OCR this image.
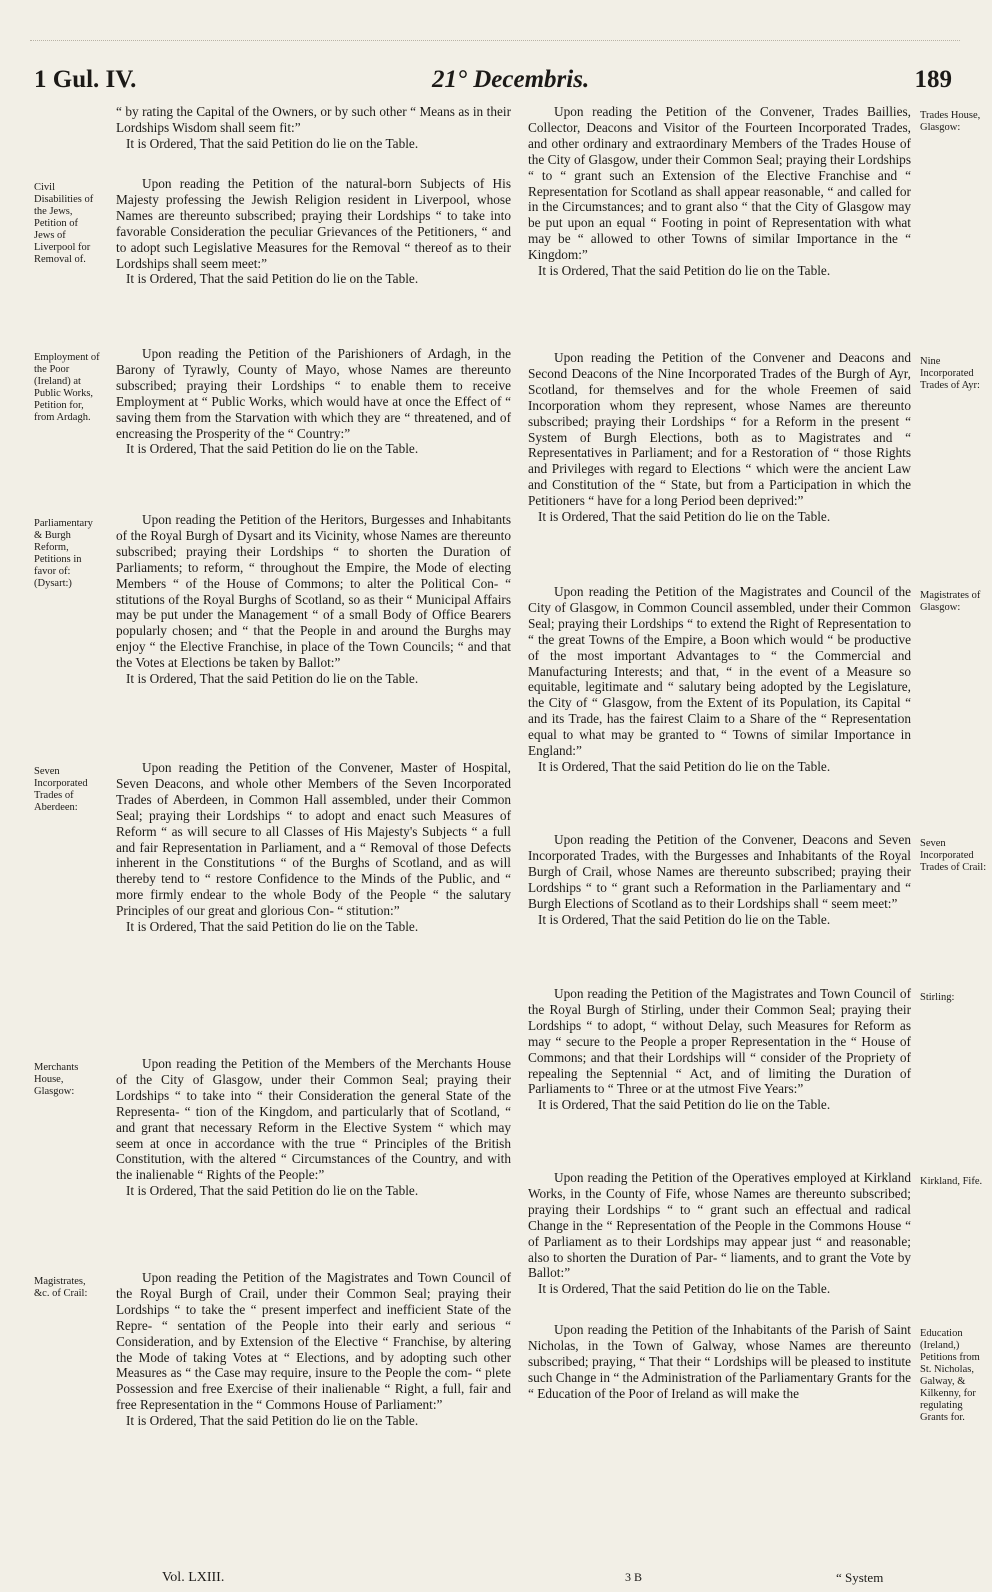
1 Gul. IV.	21° Decembris.	189

“ by rating the Capital of the Owners, or by such other “ Means as in their Lordships Wisdom shall seem fit:”

It is Ordered, That the said Petition do lie on the Table.

Civil Disabilities of the Jews, Petition of Jews of Liverpool for Removal of.

Upon reading the Petition of the natural-born Subjects of His Majesty professing the Jewish Religion resident in Liverpool, whose Names are thereunto subscribed; praying their Lordships “ to take into favorable Consideration the peculiar Grievances of the Petitioners, “ and to adopt such Legislative Measures for the Removal “ thereof as to their Lordships shall seem meet:”

It is Ordered, That the said Petition do lie on the Table.

Employment of the Poor (Ireland) at Public Works, Petition for, from Ardagh.

Upon reading the Petition of the Parishioners of Ardagh, in the Barony of Tyrawly, County of Mayo, whose Names are thereunto subscribed; praying their Lordships “ to enable them to receive Employment at “ Public Works, which would have at once the Effect of “ saving them from the Starvation with which they are “ threatened, and of encreasing the Prosperity of the “ Country:”

It is Ordered, That the said Petition do lie on the Table.

Parliamentary & Burgh Reform, Petitions in favor of: (Dysart:)

Upon reading the Petition of the Heritors, Burgesses and Inhabitants of the Royal Burgh of Dysart and its Vicinity, whose Names are thereunto subscribed; praying their Lordships “ to shorten the Duration of Parliaments; to reform, “ throughout the Empire, the Mode of electing Members “ of the House of Commons; to alter the Political Con- “ stitutions of the Royal Burghs of Scotland, so as their “ Municipal Affairs may be put under the Management “ of a small Body of Office Bearers popularly chosen; and “ that the People in and around the Burghs may enjoy “ the Elective Franchise, in place of the Town Councils; “ and that the Votes at Elections be taken by Ballot:”

It is Ordered, That the said Petition do lie on the Table.

Seven Incorporated Trades of Aberdeen:

Upon reading the Petition of the Convener, Master of Hospital, Seven Deacons, and whole other Members of the Seven Incorporated Trades of Aberdeen, in Common Hall assembled, under their Common Seal; praying their Lordships “ to adopt and enact such Measures of Reform “ as will secure to all Classes of His Majesty's Subjects “ a full and fair Representation in Parliament, and a “ Removal of those Defects inherent in the Constitutions “ of the Burghs of Scotland, and as will thereby tend to “ restore Confidence to the Minds of the Public, and “ more firmly endear to the whole Body of the People “ the salutary Principles of our great and glorious Con- “ stitution:”

It is Ordered, That the said Petition do lie on the Table.

Merchants House, Glasgow:

Upon reading the Petition of the Members of the Merchants House of the City of Glasgow, under their Common Seal; praying their Lordships “ to take into “ their Consideration the general State of the Representa- “ tion of the Kingdom, and particularly that of Scotland, “ and grant that necessary Reform in the Elective System “ which may seem at once in accordance with the true “ Principles of the British Constitution, with the altered “ Circumstances of the Country, and with the inalienable “ Rights of the People:”

It is Ordered, That the said Petition do lie on the Table.

Magistrates, &c. of Crail:

Upon reading the Petition of the Magistrates and Town Council of the Royal Burgh of Crail, under their Common Seal; praying their Lordships “ to take the “ present imperfect and inefficient State of the Repre- “ sentation of the People into their early and serious “ Consideration, and by Extension of the Elective “ Franchise, by altering the Mode of taking Votes at “ Elections, and by adopting such other Measures as “ the Case may require, insure to the People the com- “ plete Possession and free Exercise of their inalienable “ Right, a full, fair and free Representation in the “ Commons House of Parliament:”

It is Ordered, That the said Petition do lie on the Table.

Trades House, Glasgow:

Upon reading the Petition of the Convener, Trades Baillies, Collector, Deacons and Visitor of the Fourteen Incorporated Trades, and other ordinary and extraordinary Members of the Trades House of the City of Glasgow, under their Common Seal; praying their Lordships “ to “ grant such an Extension of the Elective Franchise and “ Representation for Scotland as shall appear reasonable, “ and called for in the Circumstances; and to grant also “ that the City of Glasgow may be put upon an equal “ Footing in point of Representation with what may be “ allowed to other Towns of similar Importance in the “ Kingdom:”

It is Ordered, That the said Petition do lie on the Table.

Nine Incorporated Trades of Ayr:

Upon reading the Petition of the Convener and Deacons and Second Deacons of the Nine Incorporated Trades of the Burgh of Ayr, Scotland, for themselves and for the whole Freemen of said Incorporation whom they represent, whose Names are thereunto subscribed; praying their Lordships “ for a Reform in the present “ System of Burgh Elections, both as to Magistrates and “ Representatives in Parliament; and for a Restoration of “ those Rights and Privileges with regard to Elections “ which were the ancient Law and Constitution of the “ State, but from a Participation in which the Petitioners “ have for a long Period been deprived:”

It is Ordered, That the said Petition do lie on the Table.

Magistrates of Glasgow:

Upon reading the Petition of the Magistrates and Council of the City of Glasgow, in Common Council assembled, under their Common Seal; praying their Lordships “ to extend the Right of Representation to “ the great Towns of the Empire, a Boon which would “ be productive of the most important Advantages to “ the Commercial and Manufacturing Interests; and that, “ in the event of a Measure so equitable, legitimate and “ salutary being adopted by the Legislature, the City of “ Glasgow, from the Extent of its Population, its Capital “ and its Trade, has the fairest Claim to a Share of the “ Representation equal to what may be granted to “ Towns of similar Importance in England:”

It is Ordered, That the said Petition do lie on the Table.

Seven Incorporated Trades of Crail:

Upon reading the Petition of the Convener, Deacons and Seven Incorporated Trades, with the Burgesses and Inhabitants of the Royal Burgh of Crail, whose Names are thereunto subscribed; praying their Lordships “ to “ grant such a Reformation in the Parliamentary and “ Burgh Elections of Scotland as to their Lordships shall “ seem meet:”

It is Ordered, That the said Petition do lie on the Table.

Stirling:

Upon reading the Petition of the Magistrates and Town Council of the Royal Burgh of Stirling, under their Common Seal; praying their Lordships “ to adopt, “ without Delay, such Measures for Reform as may “ secure to the People a proper Representation in the “ House of Commons; and that their Lordships will “ consider of the Propriety of repealing the Septennial “ Act, and of limiting the Duration of Parliaments to “ Three or at the utmost Five Years:”

It is Ordered, That the said Petition do lie on the Table.

Kirkland, Fife.

Upon reading the Petition of the Operatives employed at Kirkland Works, in the County of Fife, whose Names are thereunto subscribed; praying their Lordships “ to “ grant such an effectual and radical Change in the “ Representation of the People in the Commons House “ of Parliament as to their Lordships may appear just “ and reasonable; also to shorten the Duration of Par- “ liaments, and to grant the Vote by Ballot:”

It is Ordered, That the said Petition do lie on the Table.

Education (Ireland,) Petitions from St. Nicholas, Galway, & Kilkenny, for regulating Grants for.

Upon reading the Petition of the Inhabitants of the Parish of Saint Nicholas, in the Town of Galway, whose Names are thereunto subscribed; praying, “ That their “ Lordships will be pleased to institute such Change in “ the Administration of the Parliamentary Grants for the “ Education of the Poor of Ireland as will make the

Vol. LXIII.	3 B	“ System
